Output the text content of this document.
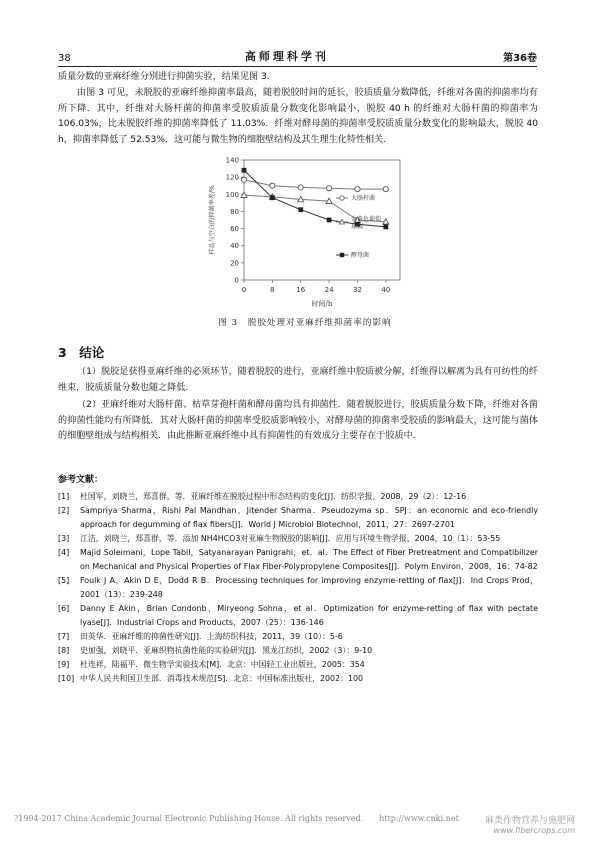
38	高师理科学刊	第36卷
质量分数的亚麻纤维分别进行抑菌实验，结果见图 3.
由图 3 可见，未脱胶的亚麻纤维抑菌率最高，随着脱胶时间的延长，胶质质量分数降低，纤维对各菌的抑菌率均有所下降．其中，纤维对大肠杆菌的抑菌率受胶质质量分数变化影响最小，脱胶 40 h 的纤维对大肠杆菌的抑菌率为 106.03%，比未脱胶纤维的抑菌率降低了 11.03%．纤维对酵母菌的抑菌率受胶质质量分数变化的影响最大，脱胶 40 h，抑菌率降低了 52.53%．这可能与微生物的细胞壁结构及其生理生化特性相关.
0
20
40
60
80
100
120
140
0	8	16	24	32	40
时间/h
样品与空白的抑菌率差/%	大肠杆菌
金黄色葡萄
球菌
酵母菌
图 3　脱胶处理对亚麻纤维抑菌率的影响
3　结论
（1）脱胶是获得亚麻纤维的必须环节，随着脱胶的进行，亚麻纤维中胶质被分解，纤维得以解离为具有可纺性的纤维束，胶质质量分数也随之降低.
（2）亚麻纤维对大肠杆菌、枯草芽孢杆菌和酵母菌均具有抑菌性．随着脱胶进行，胶质质量分数下降，纤维对各菌的抑菌性能均有所降低．其对大肠杆菌的抑菌率受胶质影响较小，对酵母菌的抑菌率受胶质的影响最大，这可能与菌体的细胞壁组成与结构相关．由此推断亚麻纤维中具有抑菌性的有效成分主要存在于胶质中.
参考文献：
[1]	杜国军，刘晓兰，郑喜群，等．亚麻纤维在脱胶过程中形态结构的变化[J]．纺织学报，2008，29（2）：12-16
[2]	Sampriya Sharma，Rishi Pal Mandhan，Jitender Sharma．Pseudozyma sp．SPJ：an economic and eco-friendly approach for degumming of flax fibers[J]．World J Microbiol Biotechnol，2011，27：2697-2701
[3]	江洁，刘晓兰，郑喜群，等．添加 NH4HCO3对亚麻生物脱胶的影响[J]．应用与环境生物学报，2004，10（1）：53-55
[4]	Majid Soleimani，Lope Tabil，Satyanarayan Panigrahi，et．al．The Effect of Fiber Pretreatment and Compatibilizer on Mechanical and Physical Properties of Flax Fiber-Polypropylene Composites[J]．Polym Environ，2008，16：74-82
[5]	Foulk J A，Akin D E，Dodd R B．Processing techniques for improving enzyme-retting of flax[J]．Ind Crops Prod，2001（13）：239-248
[6]	Danny E Akin，Brian Condonb，Miryeong Sohna，et al．Optimization for enzyme-retting of flax with pectate lyase[J]．Industrial Crops and Products，2007（25）：136-146
[7]	田英华．亚麻纤维的抑菌性研究[J]．上海纺织科技，2011，39（10）：5-6
[8]	史加强，刘晓平．亚麻织物抗菌性能的实验研究[J]．黑龙江纺织，2002（3）：9-10
[9]	杜连祥，陆福平．微生物学实验技术[M]．北京：中国轻工业出版社，2005：354
[10] 中华人民共和国卫生部．消毒技术规范[S]．北京：中国标准出版社，2002：100
?1994-2017 China Academic Journal Electronic Publishing House. All rights reserved.　　http://www.cnki.net	麻类作物营养与施肥网
www.fibercrops.com
